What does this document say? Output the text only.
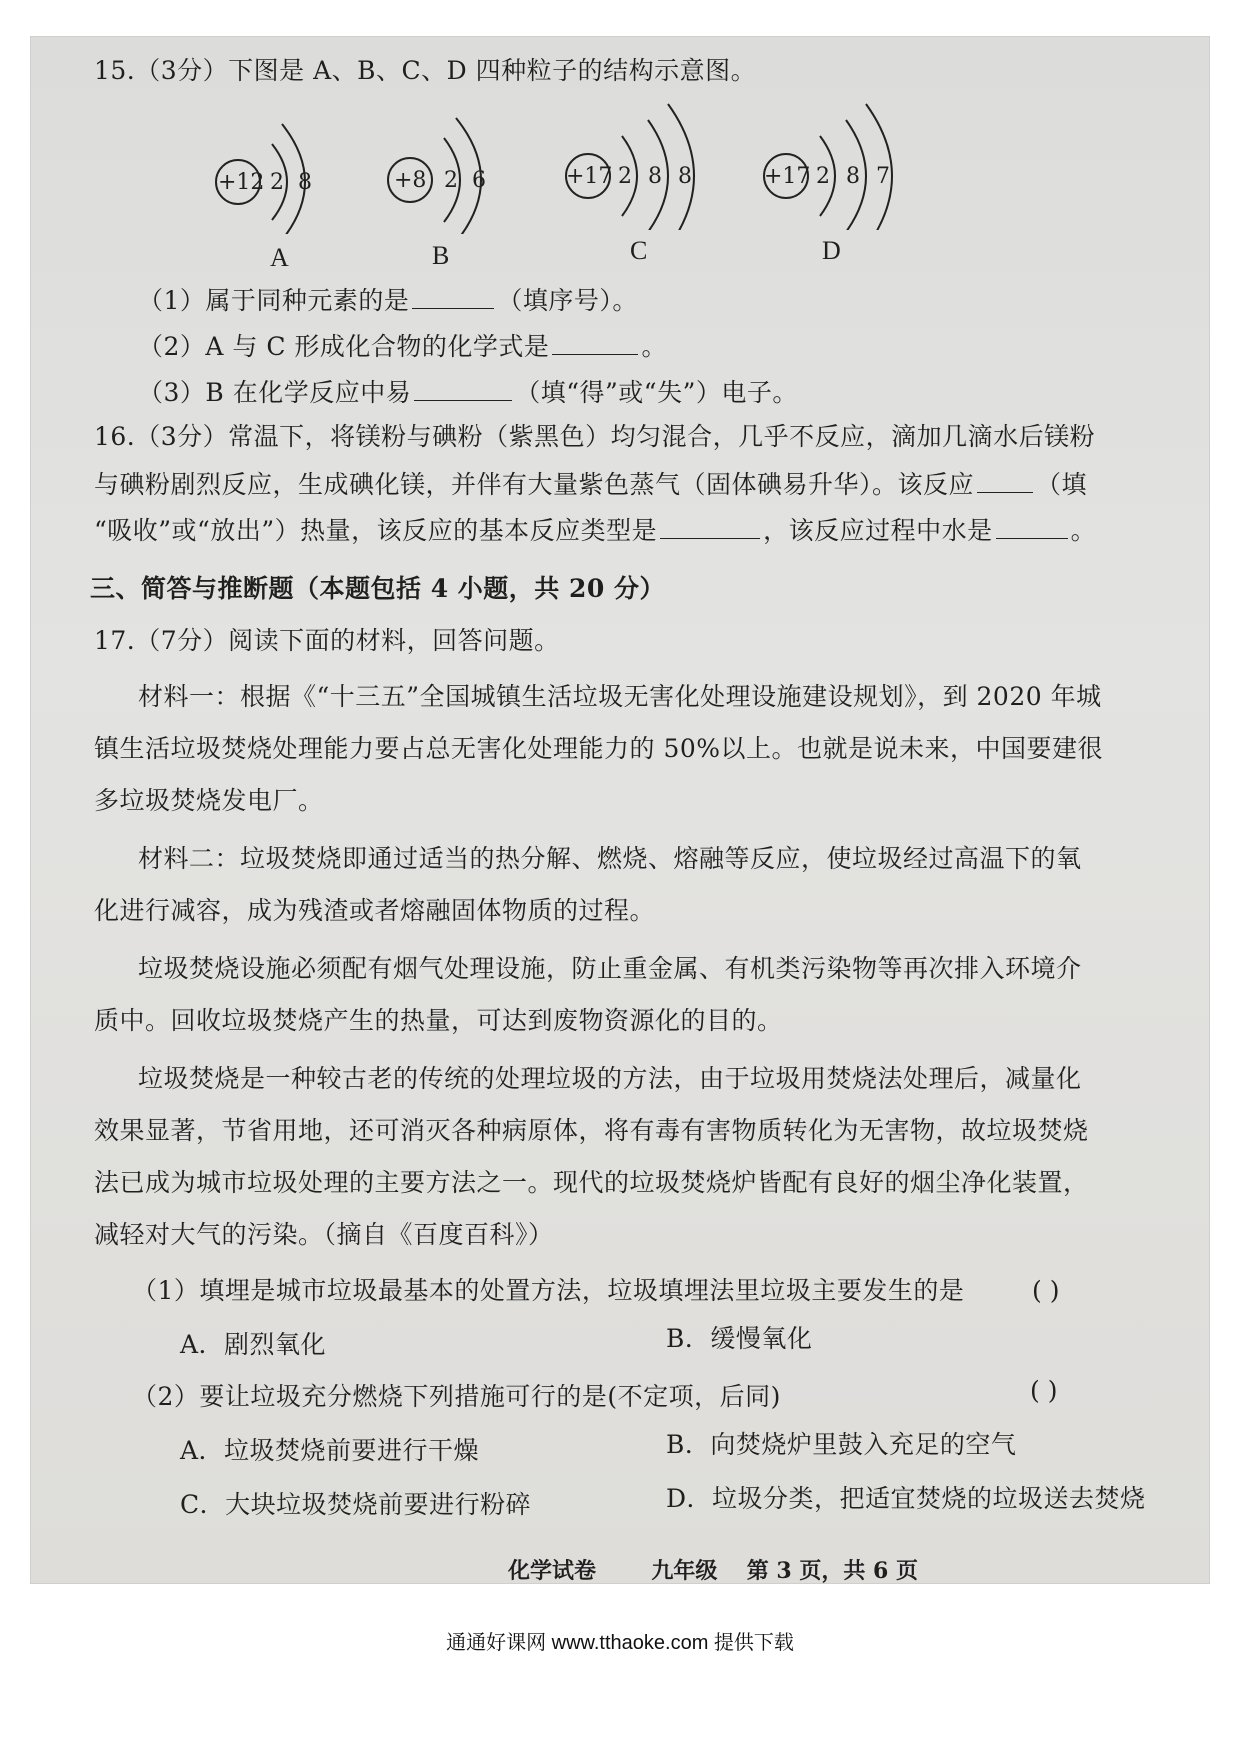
15.（3分）下图是 A、B、C、D 四种粒子的结构示意图。
+12 2 8
A
+8 2 6
B
+17 2 8 8
C
+17 2 8 7
D
（1）属于同种元素的是	（填序号）。
（2）A 与 C 形成化合物的化学式是	。
（3）B 在化学反应中易	（填“得”或“失”）电子。
16.（3分）常温下，将镁粉与碘粉（紫黑色）均匀混合，几乎不反应，滴加几滴水后镁粉
与碘粉剧烈反应，生成碘化镁，并伴有大量紫色蒸气（固体碘易升华）。该反应 （填
“吸收”或“放出”）热量，该反应的基本反应类型是	，该反应过程中水是	。
三、简答与推断题（本题包括 4 小题，共 20 分）
17.（7分）阅读下面的材料，回答问题。
材料一：根据《“十三五”全国城镇生活垃圾无害化处理设施建设规划》，到 2020 年城
镇生活垃圾焚烧处理能力要占总无害化处理能力的 50%以上。也就是说未来，中国要建很
多垃圾焚烧发电厂。
材料二：垃圾焚烧即通过适当的热分解、燃烧、熔融等反应，使垃圾经过高温下的氧
化进行减容，成为残渣或者熔融固体物质的过程。
垃圾焚烧设施必须配有烟气处理设施，防止重金属、有机类污染物等再次排入环境介
质中。回收垃圾焚烧产生的热量，可达到废物资源化的目的。
垃圾焚烧是一种较古老的传统的处理垃圾的方法，由于垃圾用焚烧法处理后，减量化
效果显著，节省用地，还可消灭各种病原体，将有毒有害物质转化为无害物，故垃圾焚烧
法已成为城市垃圾处理的主要方法之一。现代的垃圾焚烧炉皆配有良好的烟尘净化装置，
减轻对大气的污染。（摘自《百度百科》）
（1）填埋是城市垃圾最基本的处置方法，垃圾填埋法里垃圾主要发生的是	( )
A．剧烈氧化	B．缓慢氧化
（2）要让垃圾充分燃烧下列措施可行的是(不定项，后同)	( )
A．垃圾焚烧前要进行干燥	B．向焚烧炉里鼓入充足的空气
C．大块垃圾焚烧前要进行粉碎	D．垃圾分类，把适宜焚烧的垃圾送去焚烧
化学试卷	九年级 第 3 页，共 6 页
通通好课网 www.tthaoke.com 提供下载
